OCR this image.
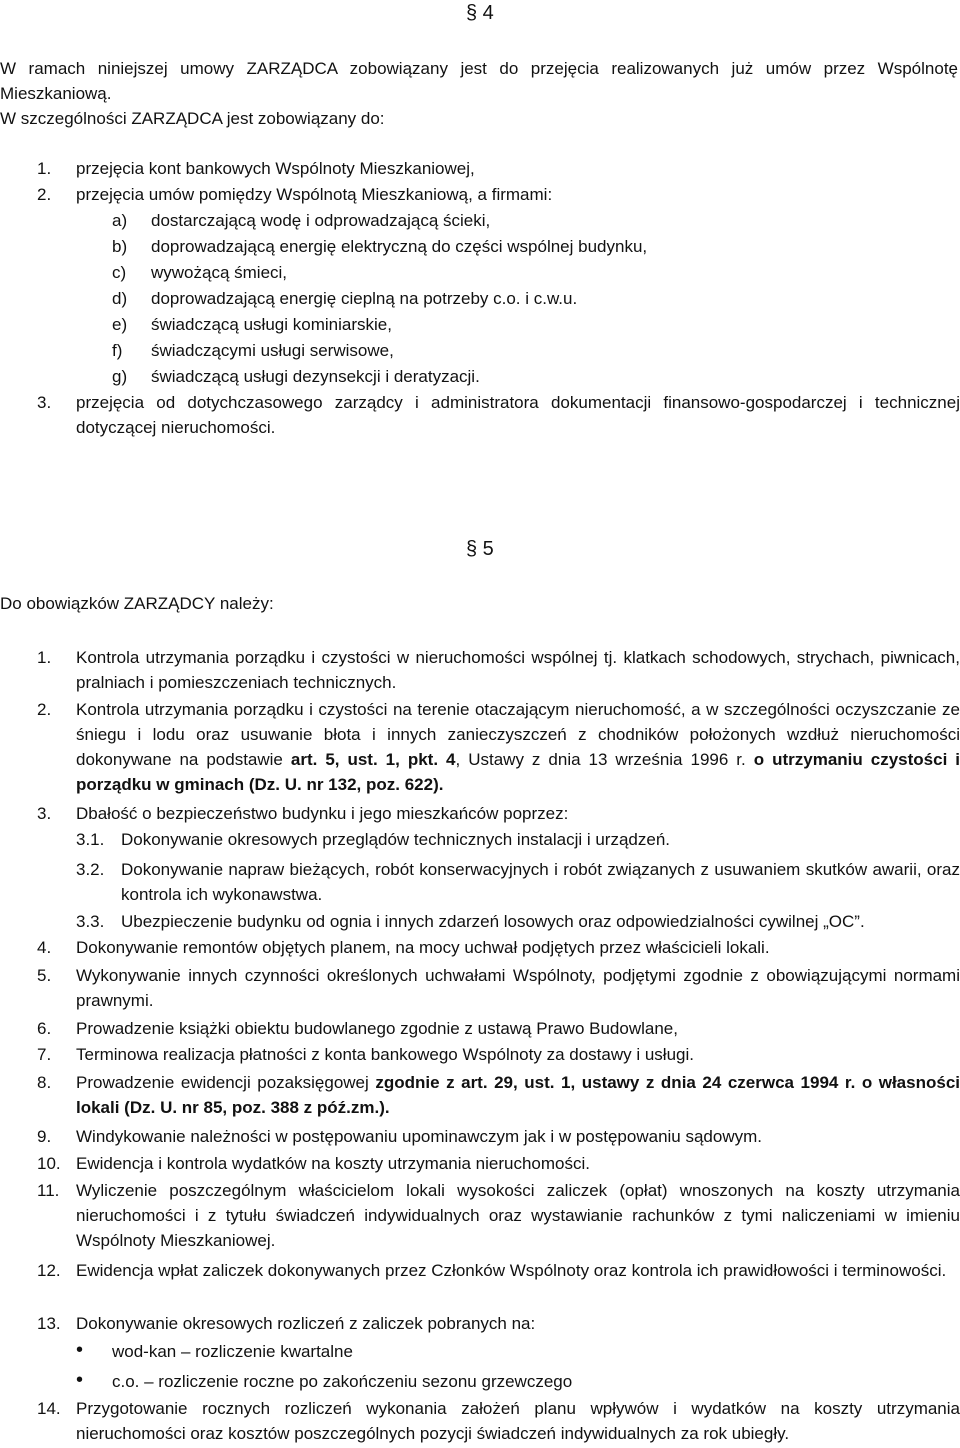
§ 4
W ramach niniejszej umowy ZARZĄDCA zobowiązany jest do przejęcia realizowanych już umów przez Wspólnotę Mieszkaniową.
W szczególności ZARZĄDCA jest zobowiązany do:
1.	przejęcia kont bankowych Wspólnoty Mieszkaniowej,
2.	przejęcia umów pomiędzy Wspólnotą Mieszkaniową, a firmami:
a)	dostarczającą wodę i odprowadzającą ścieki,
b)	doprowadzającą energię elektryczną do części wspólnej budynku,
c)	wywożącą śmieci,
d)	doprowadzającą energię cieplną na potrzeby c.o. i c.w.u.
e)	świadczącą usługi kominiarskie,
f)	świadczącymi usługi serwisowe,
g)	świadczącą usługi dezynsekcji i deratyzacji.
3.	przejęcia od dotychczasowego zarządcy i administratora dokumentacji finansowo-gospodarczej i technicznej dotyczącej nieruchomości.
§ 5
Do obowiązków ZARZĄDCY należy:
1.	Kontrola utrzymania porządku i czystości w nieruchomości wspólnej tj. klatkach schodowych, strychach, piwnicach, pralniach i pomieszczeniach technicznych.
2.	Kontrola utrzymania porządku i czystości na terenie otaczającym nieruchomość, a w szczególności oczyszczanie ze śniegu i lodu oraz usuwanie błota i innych zanieczyszczeń z chodników położonych wzdłuż nieruchomości dokonywane na podstawie art. 5, ust. 1, pkt. 4, Ustawy z dnia 13 września 1996 r. o utrzymaniu czystości i porządku w gminach (Dz. U. nr 132, poz. 622).
3.	Dbałość o bezpieczeństwo budynku i jego mieszkańców poprzez:
3.1. Dokonywanie okresowych przeglądów technicznych instalacji i urządzeń.
3.2. Dokonywanie napraw bieżących, robót konserwacyjnych i robót związanych z usuwaniem skutków awarii, oraz kontrola ich wykonawstwa.
3.3. Ubezpieczenie budynku od ognia i innych zdarzeń losowych oraz odpowiedzialności cywilnej „OC”.
4.	Dokonywanie remontów objętych planem, na mocy uchwał podjętych przez właścicieli lokali.
5.	Wykonywanie innych czynności określonych uchwałami Wspólnoty, podjętymi zgodnie z obowiązującymi normami prawnymi.
6.	Prowadzenie książki obiektu budowlanego zgodnie z ustawą Prawo Budowlane,
7.	Terminowa realizacja płatności z konta bankowego Wspólnoty za dostawy i usługi.
8.	Prowadzenie ewidencji pozaksięgowej zgodnie z art. 29, ust. 1, ustawy z dnia 24 czerwca 1994 r. o własności lokali (Dz. U. nr 85, poz. 388 z póź.zm.).
9.	Windykowanie należności w postępowaniu upominawczym jak i w postępowaniu sądowym.
10. Ewidencja i kontrola wydatków na koszty utrzymania nieruchomości.
11. Wyliczenie poszczególnym właścicielom lokali wysokości zaliczek (opłat) wnoszonych na koszty utrzymania nieruchomości i z tytułu świadczeń indywidualnych oraz wystawianie rachunków z tymi naliczeniami w imieniu Wspólnoty Mieszkaniowej.
12. Ewidencja wpłat zaliczek dokonywanych przez Członków Wspólnoty oraz kontrola ich prawidłowości i terminowości.
13. Dokonywanie okresowych rozliczeń z zaliczek pobranych na:
• wod-kan – rozliczenie kwartalne
• c.o. – rozliczenie roczne po zakończeniu sezonu grzewczego
14. Przygotowanie rocznych rozliczeń wykonania założeń planu wpływów i wydatków na koszty utrzymania nieruchomości oraz kosztów poszczególnych pozycji świadczeń indywidualnych za rok ubiegły.
